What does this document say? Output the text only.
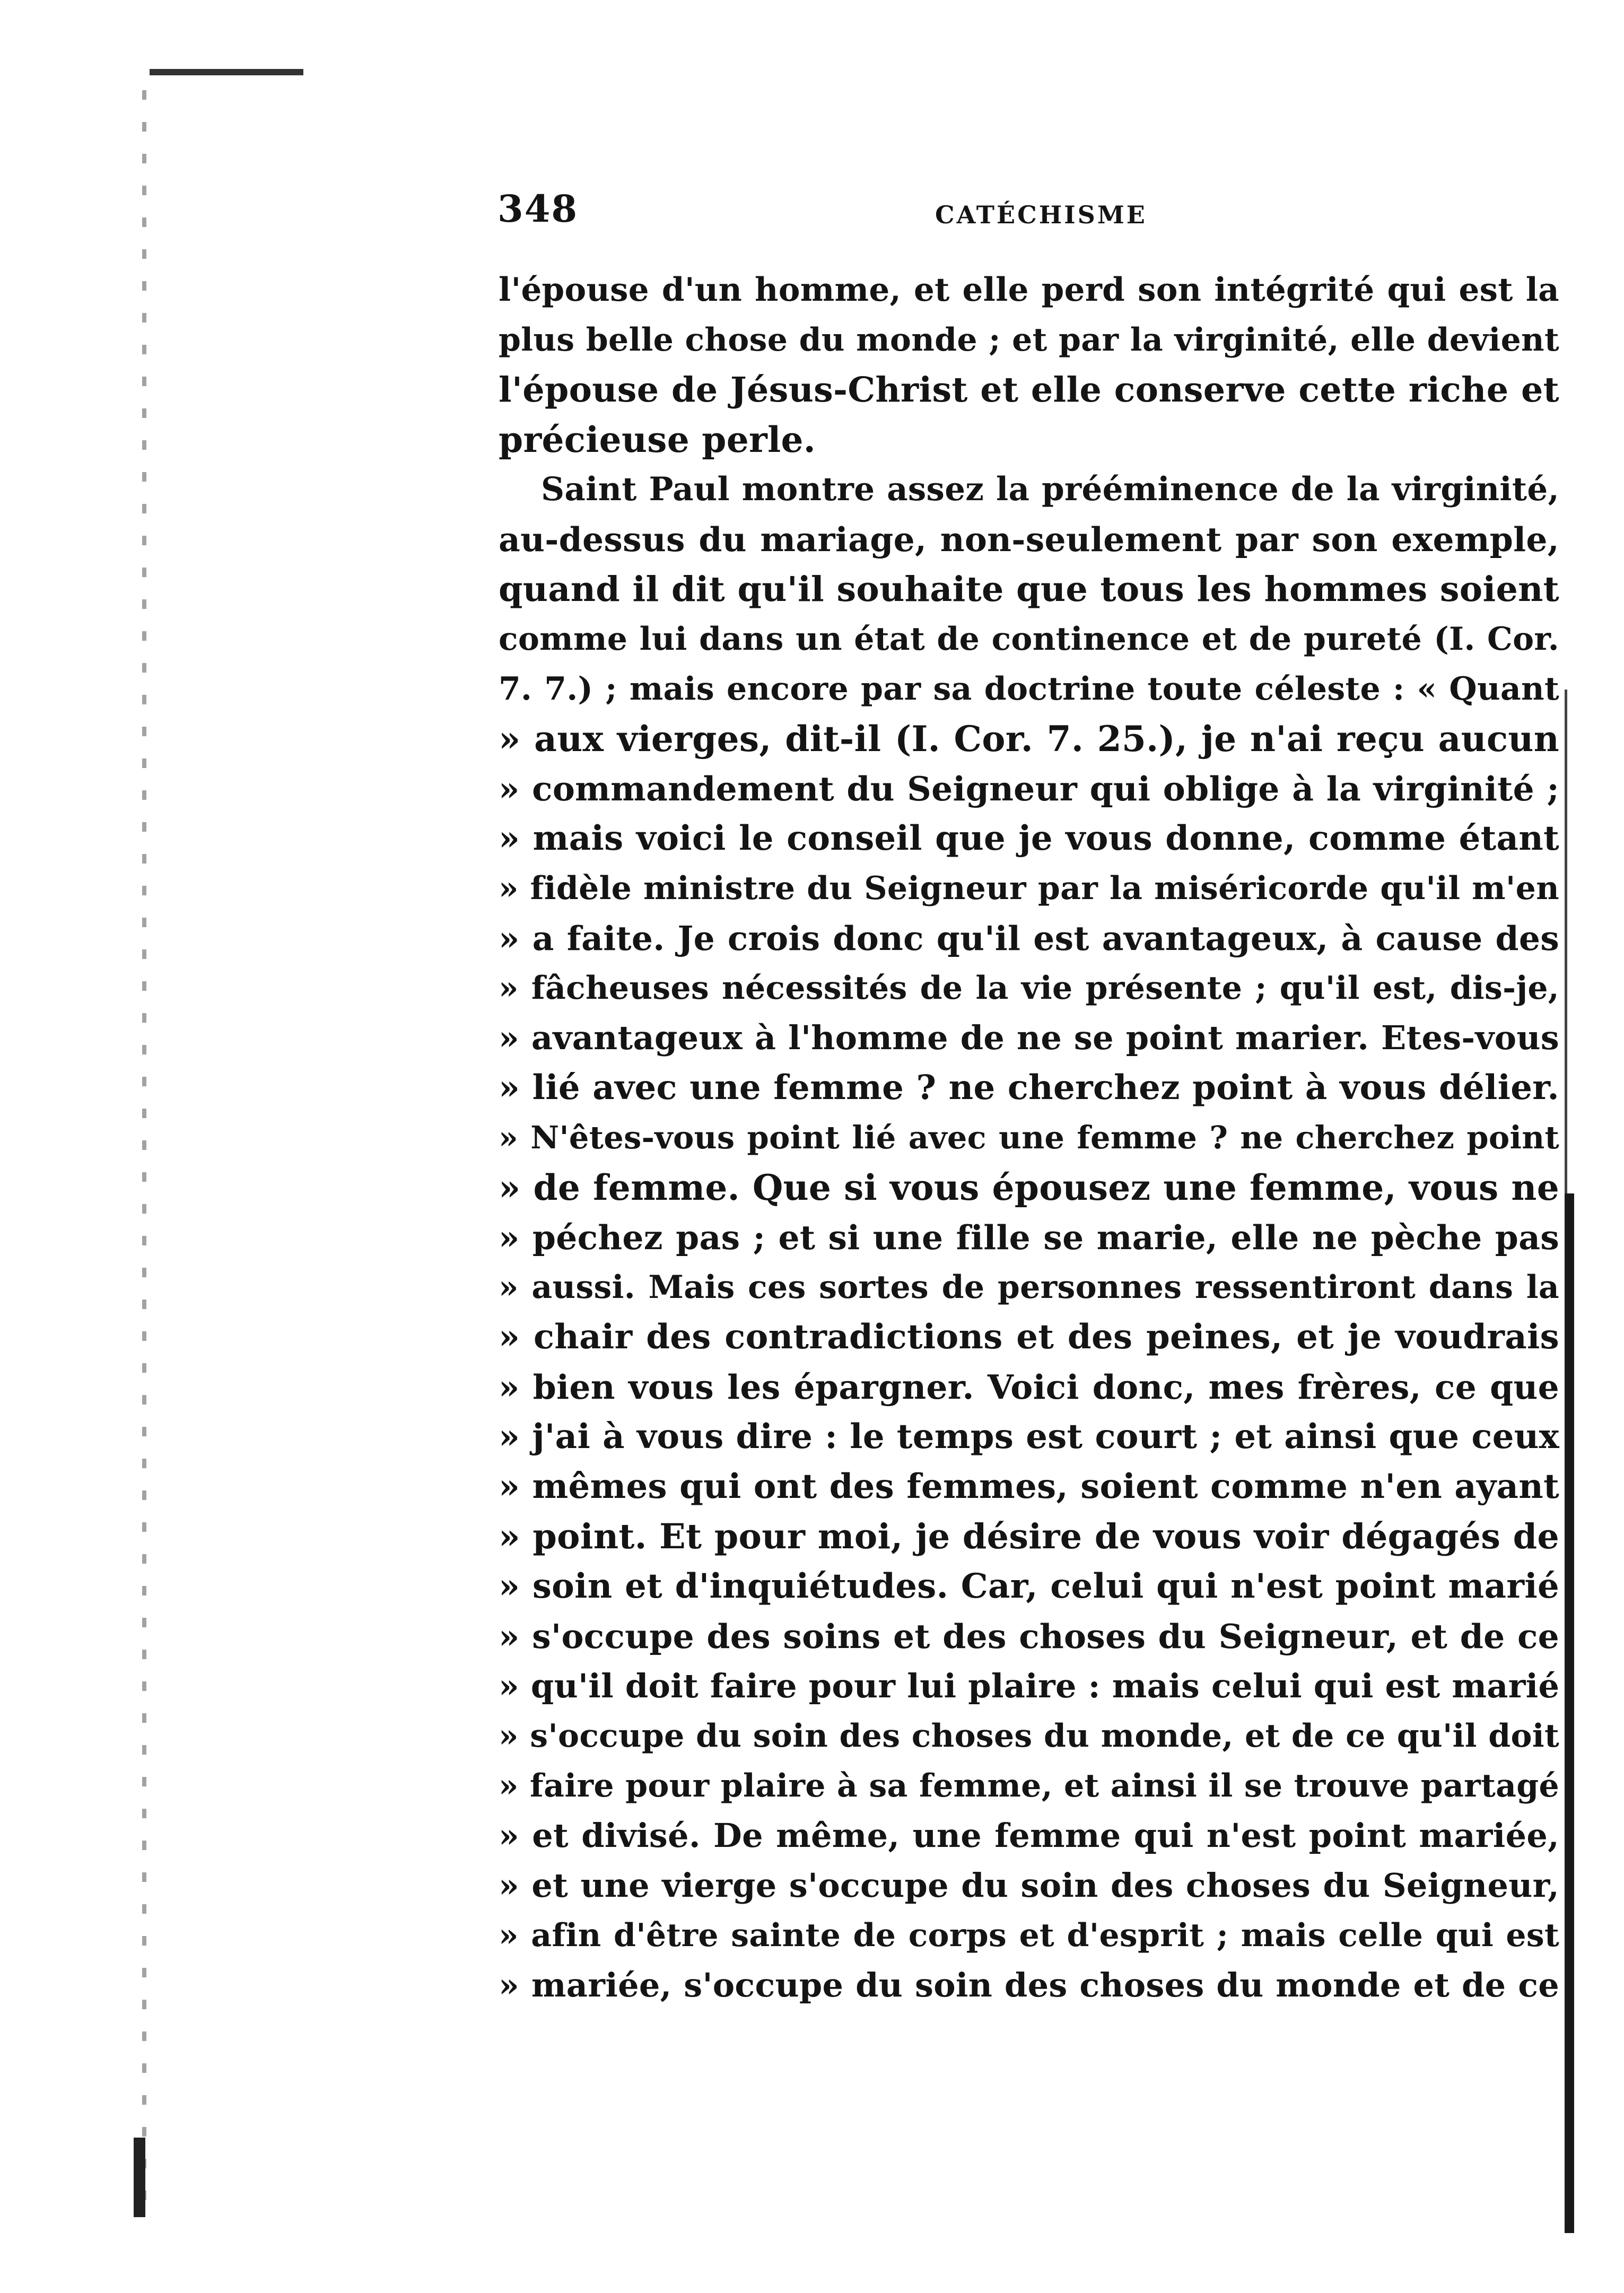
348	CATÉCHISME
l'épouse d'un homme, et elle perd son intégrité qui est la
plus belle chose du monde ; et par la virginité, elle devient
l'épouse de Jésus-Christ et elle conserve cette riche et
précieuse perle.
Saint Paul montre assez la prééminence de la virginité,
au-dessus du mariage, non-seulement par son exemple,
quand il dit qu'il souhaite que tous les hommes soient
comme lui dans un état de continence et de pureté (I. Cor.
7. 7.) ; mais encore par sa doctrine toute céleste : « Quant
» aux vierges, dit-il (I. Cor. 7. 25.), je n'ai reçu aucun
» commandement du Seigneur qui oblige à la virginité ;
» mais voici le conseil que je vous donne, comme étant
» fidèle ministre du Seigneur par la miséricorde qu'il m'en
» a faite. Je crois donc qu'il est avantageux, à cause des
» fâcheuses nécessités de la vie présente ; qu'il est, dis-je,
» avantageux à l'homme de ne se point marier. Etes-vous
» lié avec une femme ? ne cherchez point à vous délier.
» N'êtes-vous point lié avec une femme ? ne cherchez point
» de femme. Que si vous épousez une femme, vous ne
» péchez pas ; et si une fille se marie, elle ne pèche pas
» aussi. Mais ces sortes de personnes ressentiront dans la
» chair des contradictions et des peines, et je voudrais
» bien vous les épargner. Voici donc, mes frères, ce que
» j'ai à vous dire : le temps est court ; et ainsi que ceux
» mêmes qui ont des femmes, soient comme n'en ayant
» point. Et pour moi, je désire de vous voir dégagés de
» soin et d'inquiétudes. Car, celui qui n'est point marié
» s'occupe des soins et des choses du Seigneur, et de ce
» qu'il doit faire pour lui plaire : mais celui qui est marié
» s'occupe du soin des choses du monde, et de ce qu'il doit
» faire pour plaire à sa femme, et ainsi il se trouve partagé
» et divisé. De même, une femme qui n'est point mariée,
» et une vierge s'occupe du soin des choses du Seigneur,
» afin d'être sainte de corps et d'esprit ; mais celle qui est
» mariée, s'occupe du soin des choses du monde et de ce
